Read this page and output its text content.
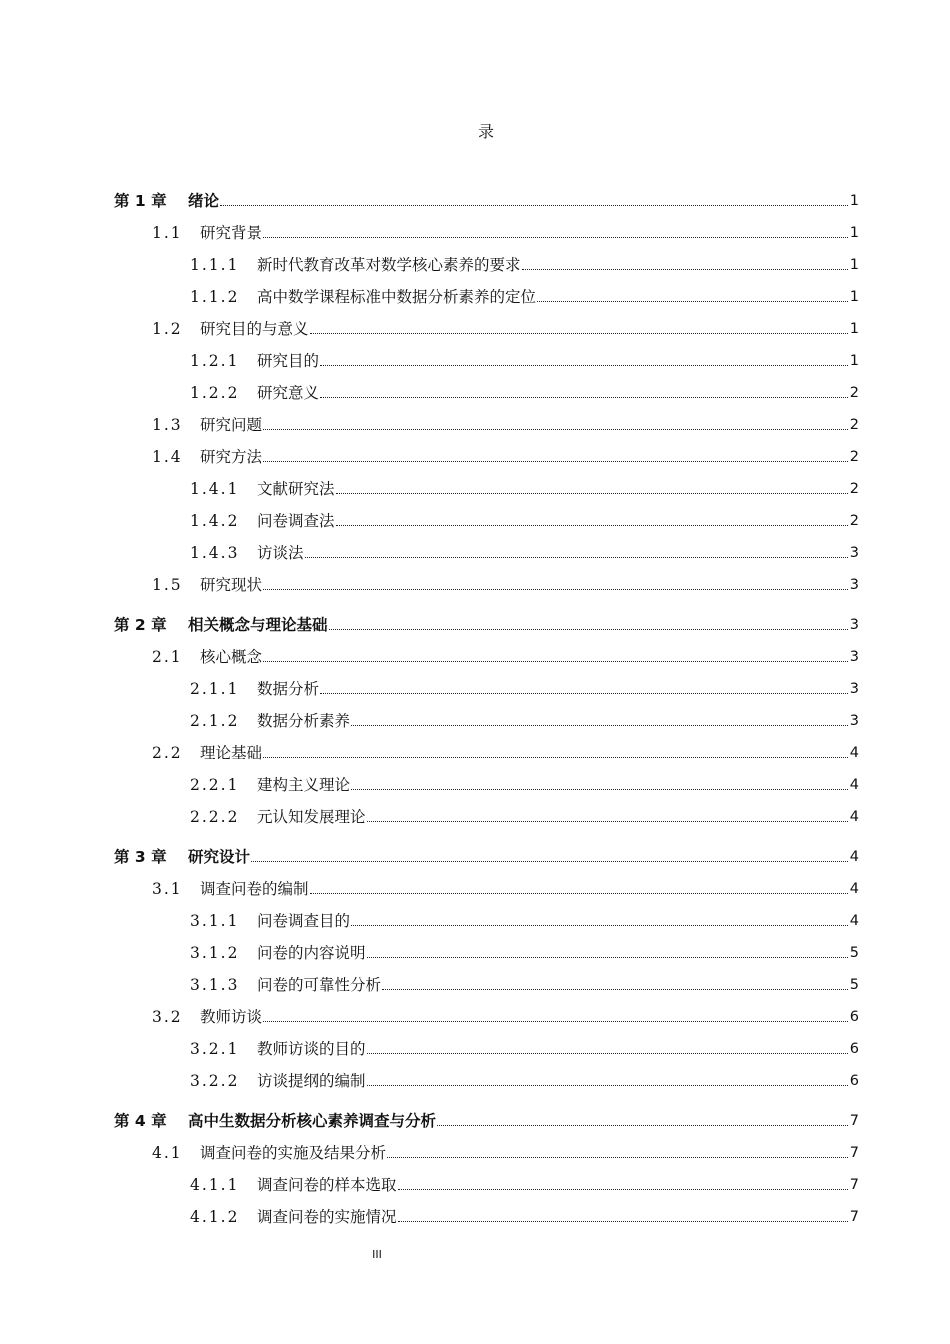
录
第 1 章	绪论	1
1.1	研究背景	1
1.1.1	新时代教育改革对数学核心素养的要求	1
1.1.2	高中数学课程标准中数据分析素养的定位	1
1.2	研究目的与意义	1
1.2.1	研究目的	1
1.2.2	研究意义	2
1.3	研究问题	2
1.4	研究方法	2
1.4.1	文献研究法	2
1.4.2	问卷调查法	2
1.4.3	访谈法	3
1.5	研究现状	3
第 2 章	相关概念与理论基础	3
2.1	核心概念	3
2.1.1	数据分析	3
2.1.2	数据分析素养	3
2.2	理论基础	4
2.2.1	建构主义理论	4
2.2.2	元认知发展理论	4
第 3 章	研究设计	4
3.1	调查问卷的编制	4
3.1.1	问卷调查目的	4
3.1.2	问卷的内容说明	5
3.1.3	问卷的可靠性分析	5
3.2	教师访谈	6
3.2.1	教师访谈的目的	6
3.2.2	访谈提纲的编制	6
第 4 章	高中生数据分析核心素养调查与分析	7
4.1	调查问卷的实施及结果分析	7
4.1.1	调查问卷的样本选取	7
4.1.2	调查问卷的实施情况	7
III
